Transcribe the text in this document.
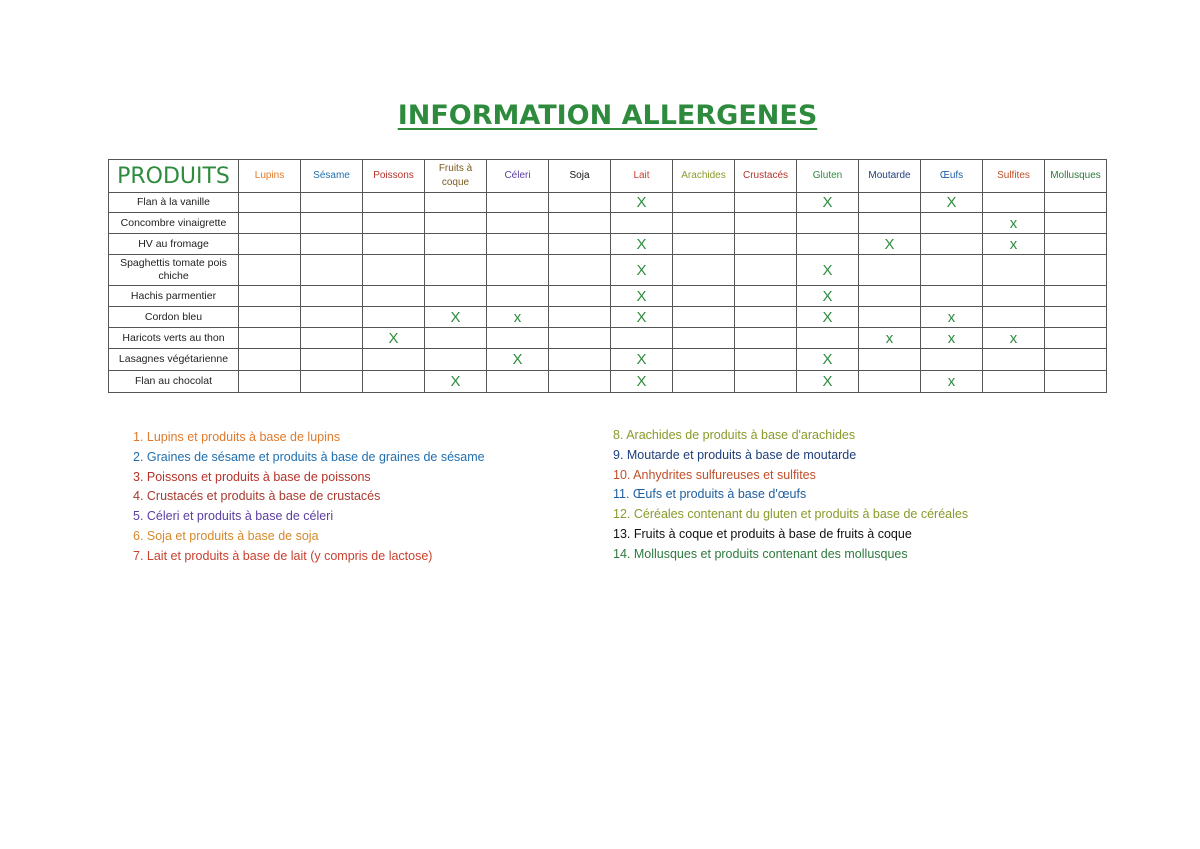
INFORMATION ALLERGENES
PRODUITS	Lupins	Sésame	Poissons	Fruits à coque	Céleri	Soja	Lait	Arachides	Crustacés	Gluten	Moutarde	Œufs	Sulfites	Mollusques
Flan à la vanille							X			X		X		
Concombre vinaigrette													x	
HV au fromage							X				X		x	
Spaghettis tomate pois chiche							X			X				
Hachis parmentier							X			X				
Cordon bleu				X	x		X			X		x		
Haricots verts au thon			X								x	x	x	
Lasagnes végétarienne					X		X			X				
Flan au chocolat				X			X			X		x		
1. Lupins et produits à base de lupins
2. Graines de sésame et produits à base de graines de sésame
3. Poissons et produits à base de poissons
4. Crustacés et produits à base de crustacés
5. Céleri et produits à base de céleri
6. Soja et produits à base de soja
7. Lait et produits à base de lait (y compris de lactose)
8. Arachides de produits à base d'arachides
9. Moutarde et produits à base de moutarde
10. Anhydrites sulfureuses et sulfites
11. Œufs et produits à base d'œufs
12. Céréales contenant du gluten et produits à base de céréales
13. Fruits à coque et produits à base de fruits à coque
14. Mollusques et produits contenant des mollusques
